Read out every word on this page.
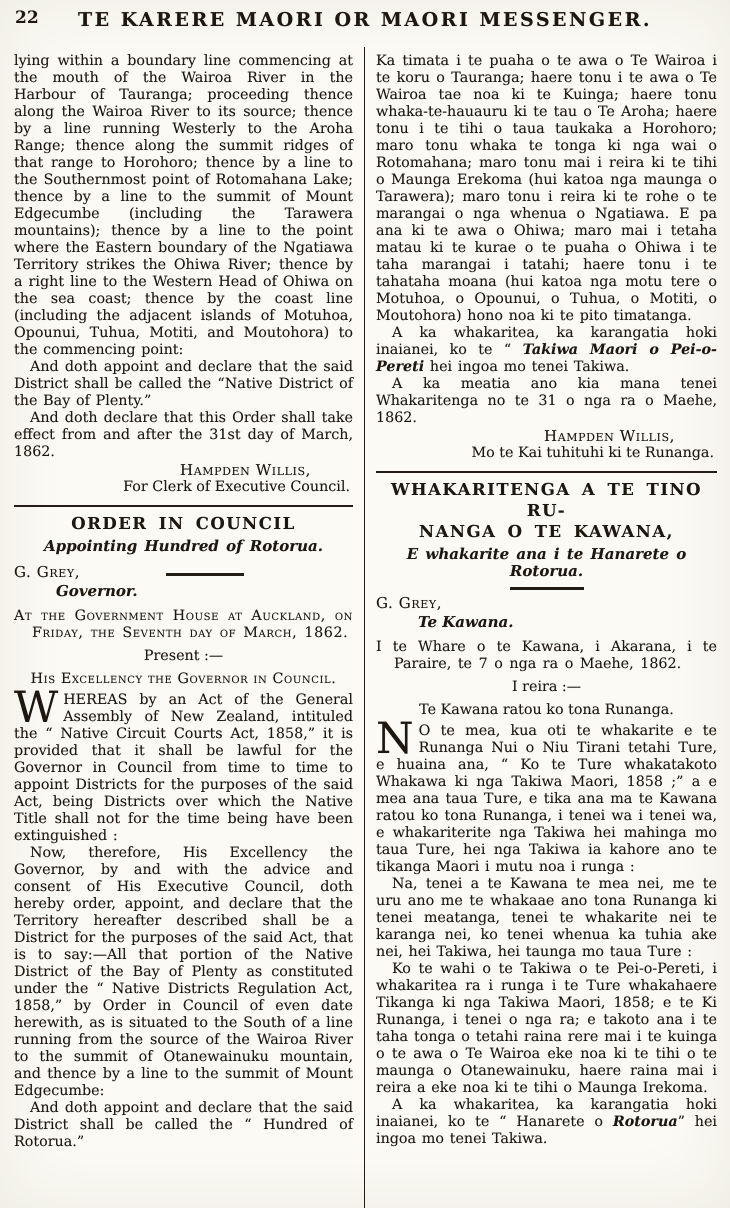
22	TE KARERE MAORI OR MAORI MESSENGER.

lying within a boundary line commencing at the mouth of the Wairoa River in the Harbour of Tauranga; proceeding thence along the Wairoa River to its source; thence by a line running Westerly to the Aroha Range; thence along the summit ridges of that range to Horohoro; thence by a line to the Southernmost point of Rotomahana Lake; thence by a line to the summit of Mount Edgecumbe (including the Tarawera mountains); thence by a line to the point where the Eastern boundary of the Ngatiawa Territory strikes the Ohiwa River; thence by a right line to the Western Head of Ohiwa on the sea coast; thence by the coast line (including the adjacent islands of Motuhoa, Opounui, Tuhua, Motiti, and Moutohora) to the commencing point:

And doth appoint and declare that the said District shall be called the “Native District of the Bay of Plenty.”

And doth declare that this Order shall take effect from and after the 31st day of March, 1862.

Hampden Willis,
For Clerk of Executive Council.
ORDER IN COUNCIL
Appointing Hundred of Rotorua.
G. Grey,
Governor.

At the Government House at Auckland, on Friday, the Seventh day of March, 1862.

Present :—
His Excellency the Governor in Council.

WHEREAS by an Act of the General Assembly of New Zealand, intituled the “ Native Circuit Courts Act, 1858,” it is provided that it shall be lawful for the Governor in Council from time to time to appoint Districts for the purposes of the said Act, being Districts over which the Native Title shall not for the time being have been extinguished :

Now, therefore, His Excellency the Governor, by and with the advice and consent of His Executive Council, doth hereby order, appoint, and declare that the Territory hereafter described shall be a District for the purposes of the said Act, that is to say:—All that portion of the Native District of the Bay of Plenty as constituted under the “ Native Districts Regulation Act, 1858,” by Order in Council of even date herewith, as is situated to the South of a line running from the source of the Wairoa River to the summit of Otanewainuku mountain, and thence by a line to the summit of Mount Edgecumbe:

And doth appoint and declare that the said District shall be called the “ Hundred of Rotorua.”

Ka timata i te puaha o te awa o Te Wairoa i te koru o Tauranga; haere tonu i te awa o Te Wairoa tae noa ki te Kuinga; haere tonu whaka-te-hauauru ki te tau o Te Aroha; haere tonu i te tihi o taua taukaka a Horohoro; maro tonu whaka te tonga ki nga wai o Rotomahana; maro tonu mai i reira ki te tihi o Maunga Erekoma (hui katoa nga maunga o Tarawera); maro tonu i reira ki te rohe o te marangai o nga whenua o Ngatiawa. E pa ana ki te awa o Ohiwa; maro mai i tetaha matau ki te kurae o te puaha o Ohiwa i te taha marangai i tatahi; haere tonu i te tahataha moana (hui katoa nga motu tere o Motuhoa, o Opounui, o Tuhua, o Motiti, o Moutohora) hono noa ki te pito timatanga.

A ka whakaritea, ka karangatia hoki inaianei, ko te “ Takiwa Maori o Pei-o-Pereti hei ingoa mo tenei Takiwa.

A ka meatia ano kia mana tenei Whakaritenga no te 31 o nga ra o Maehe, 1862.

Hampden Willis,
Mo te Kai tuhituhi ki te Runanga.
WHAKARITENGA A TE TINO RU-
NANGA O TE KAWANA,
E whakarite ana i te Hanarete o Rotorua.
G. Grey,
Te Kawana.

I te Whare o te Kawana, i Akarana, i te Paraire, te 7 o nga ra o Maehe, 1862.

I reira :—
Te Kawana ratou ko tona Runanga.

N O te mea, kua oti te whakarite e te Runanga Nui o Niu Tirani tetahi Ture, e huaina ana, “ Ko te Ture whakatakoto Whakawa ki nga Takiwa Maori, 1858 ;” a e mea ana taua Ture, e tika ana ma te Kawana ratou ko tona Runanga, i tenei wa i tenei wa, e whakariterite nga Takiwa hei mahinga mo taua Ture, hei nga Takiwa ia kahore ano te tikanga Maori i mutu noa i runga :

Na, tenei a te Kawana te mea nei, me te uru ano me te whakaae ano tona Runanga ki tenei meatanga, tenei te whakarite nei te karanga nei, ko tenei whenua ka tuhia ake nei, hei Takiwa, hei taunga mo taua Ture :

Ko te wahi o te Takiwa o te Pei-o-Pereti, i whakaritea ra i runga i te Ture whakahaere Tikanga ki nga Takiwa Maori, 1858; e te Ki Runanga, i tenei o nga ra; e takoto ana i te taha tonga o tetahi raina rere mai i te kuinga o te awa o Te Wairoa eke noa ki te tihi o te maunga o Otanewainuku, haere raina mai i reira a eke noa ki te tihi o Maunga Irekoma.

A ka whakaritea, ka karangatia hoki inaianei, ko te “ Hanarete o Rotorua” hei ingoa mo tenei Takiwa.
